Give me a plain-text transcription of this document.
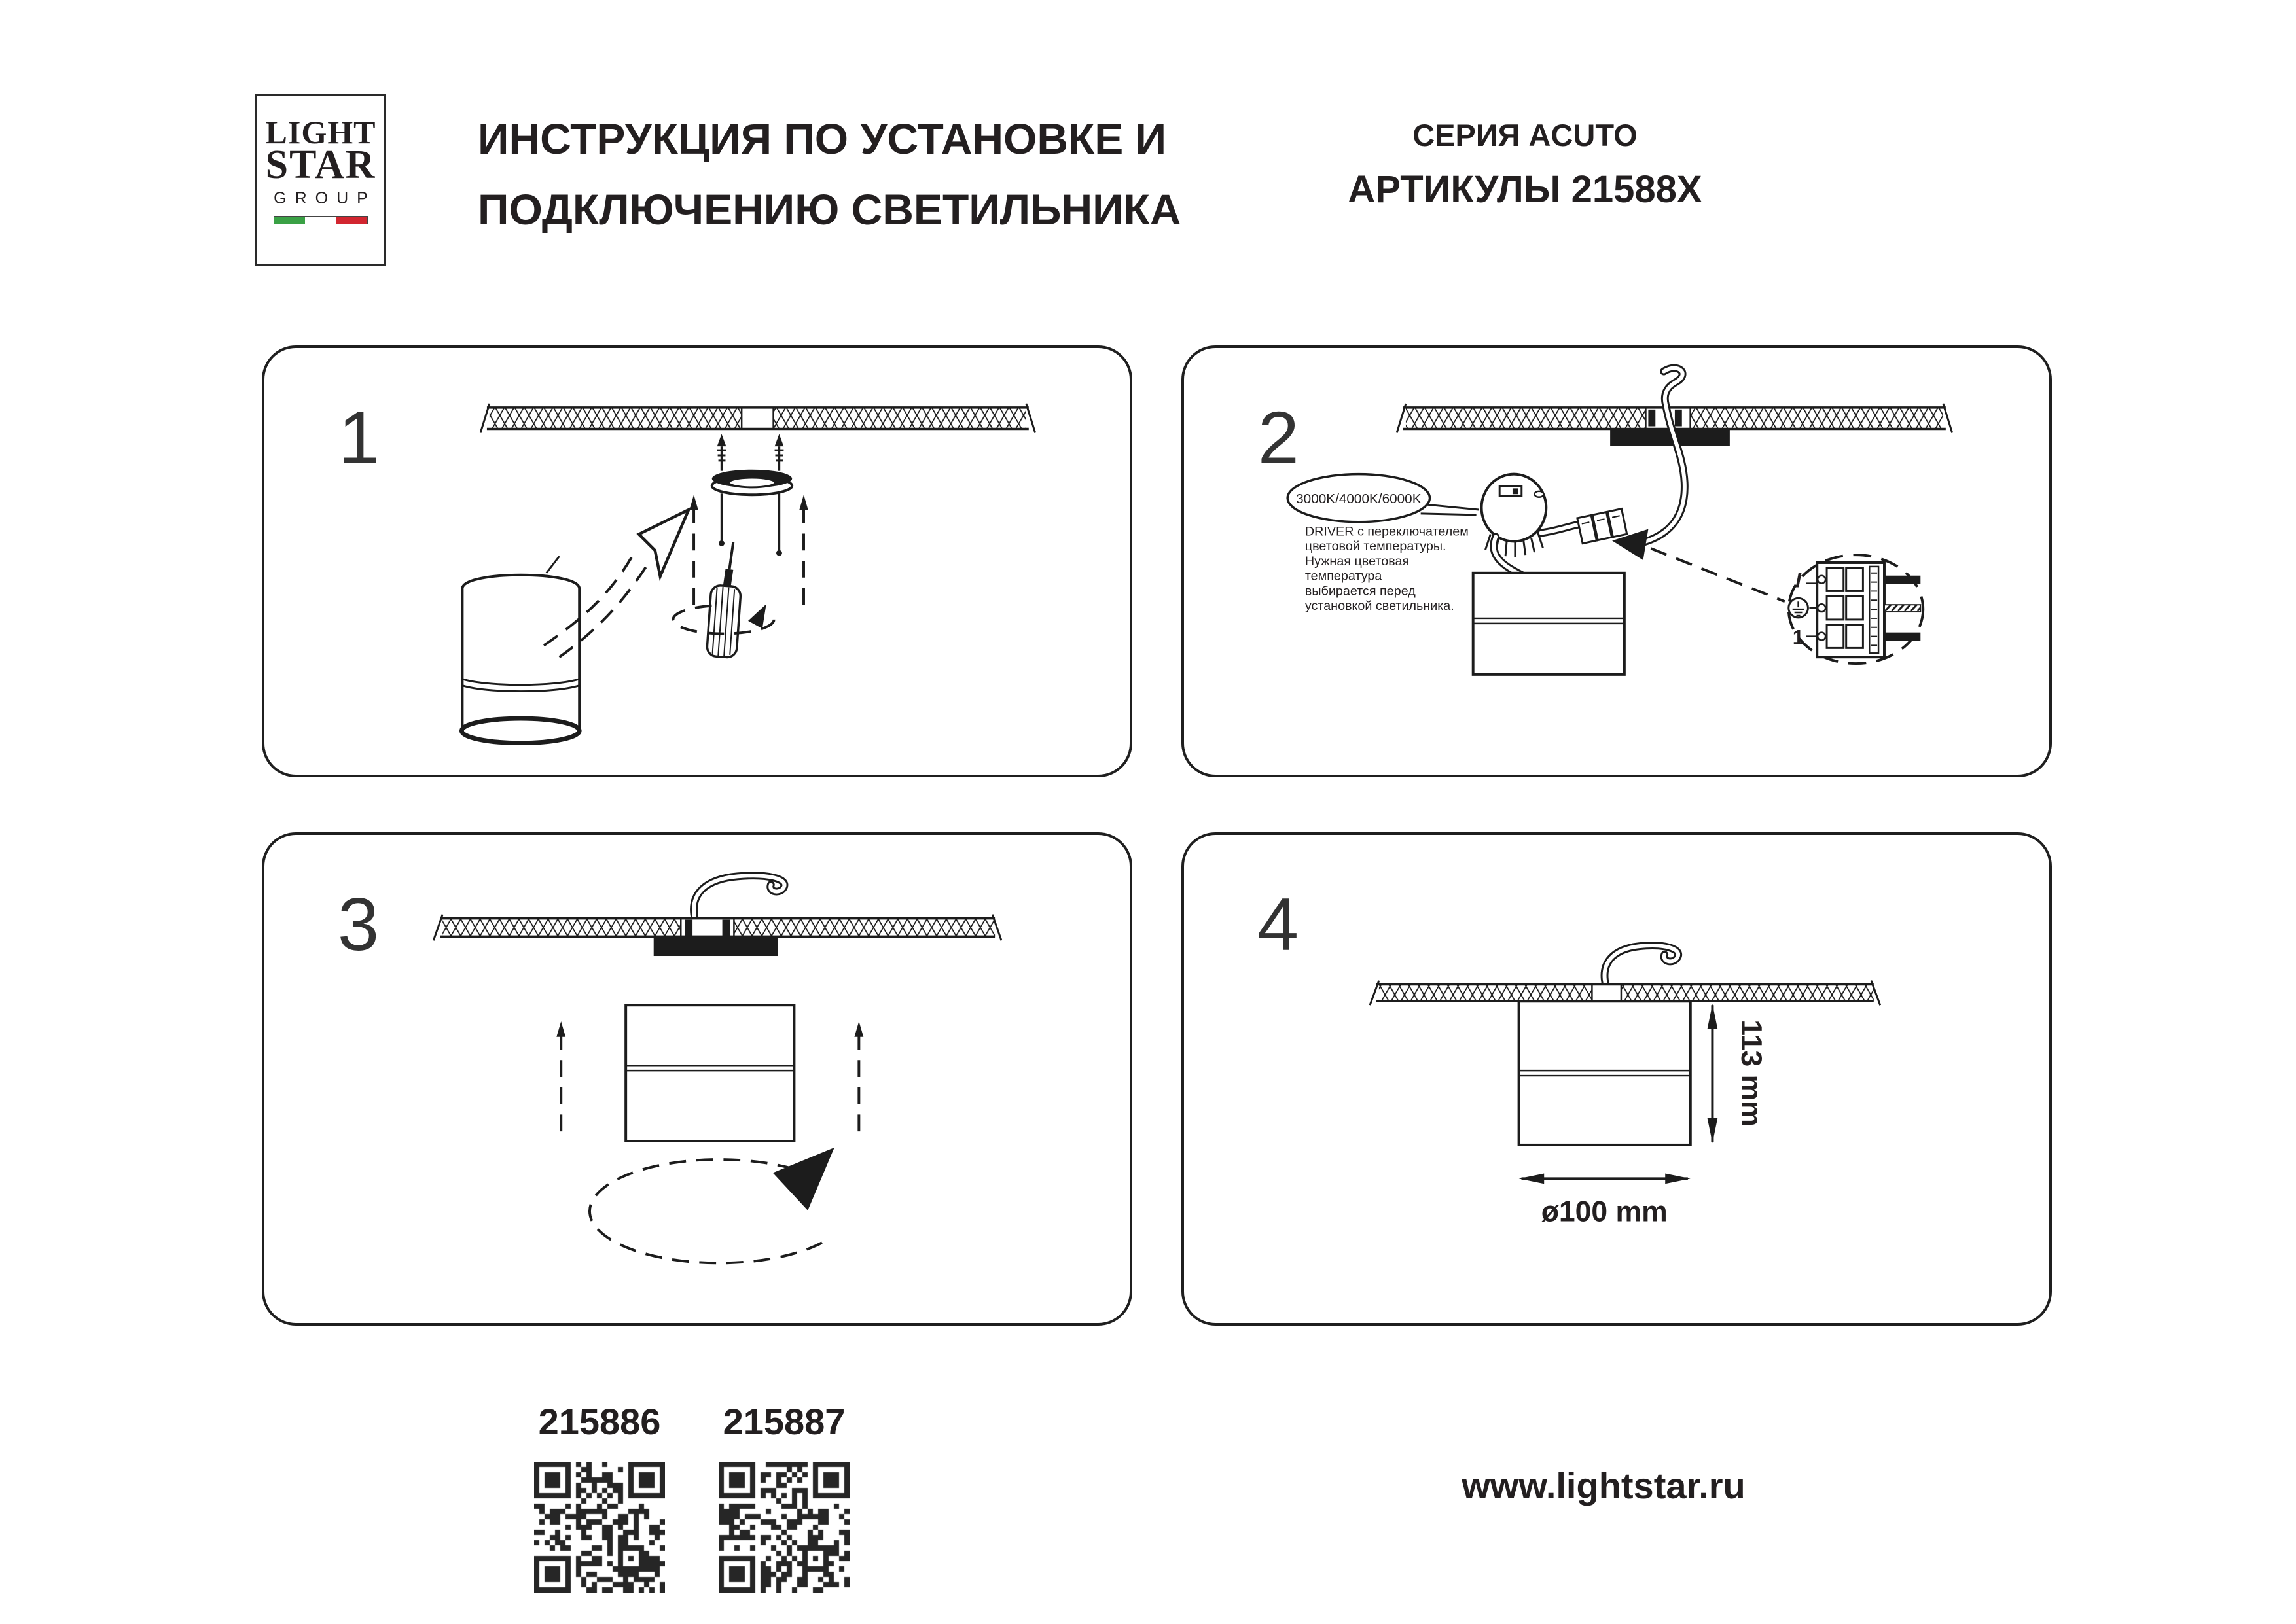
LIGHT
STAR
GROUP
ИНСТРУКЦИЯ ПО УСТАНОВКЕ И
ПОДКЛЮЧЕНИЮ СВЕТИЛЬНИКА
СЕРИЯ ACUTO
АРТИКУЛЫ 21588X
1	2
3000K/4000K/6000K
DRIVER с переключателем
цветовой температуры.
Нужная цветовая
температура
выбирается перед
установкой светильника.
I
1
3	4
113 mm
ø100 mm
215886	215887
www.lightstar.ru
